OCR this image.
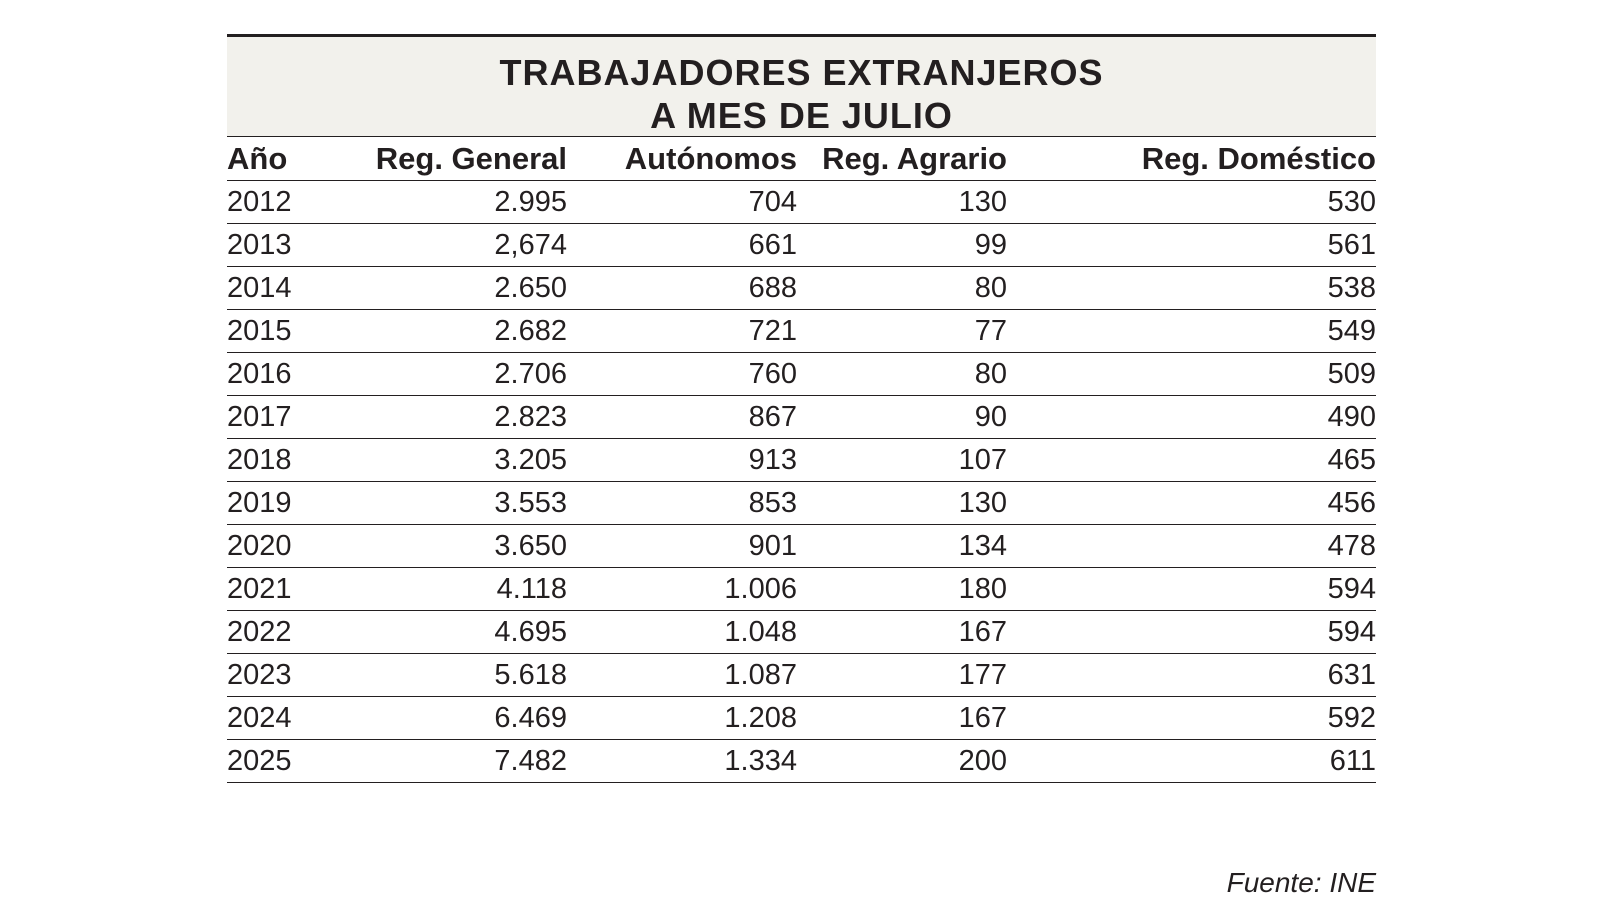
TRABAJADORES EXTRANJEROS
A MES DE JULIO
Año	Reg. General	Autónomos	Reg. Agrario	Reg. Doméstico
2012	2.995	704	130	530
2013	2,674	661	99	561
2014	2.650	688	80	538
2015	2.682	721	77	549
2016	2.706	760	80	509
2017	2.823	867	90	490
2018	3.205	913	107	465
2019	3.553	853	130	456
2020	3.650	901	134	478
2021	4.118	1.006	180	594
2022	4.695	1.048	167	594
2023	5.618	1.087	177	631
2024	6.469	1.208	167	592
2025	7.482	1.334	200	611
Fuente: INE
